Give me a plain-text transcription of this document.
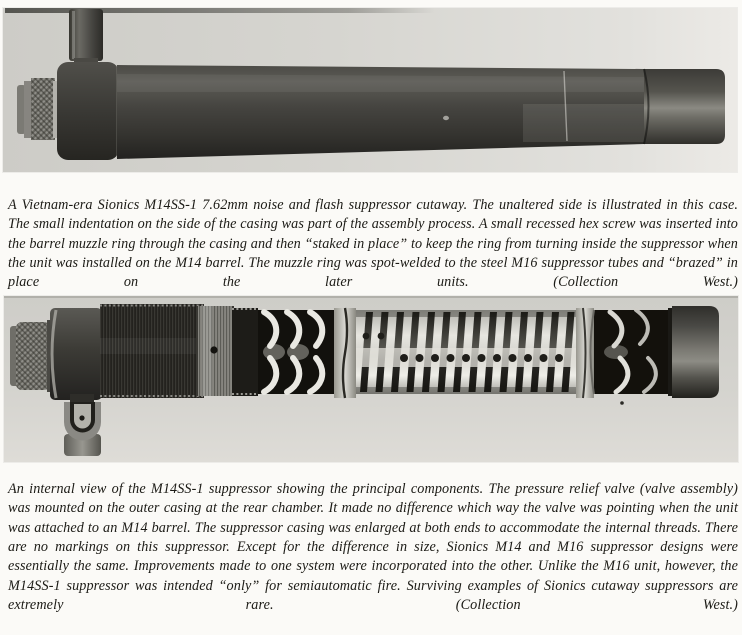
A Vietnam-era Sionics M14SS-1 7.62mm noise and flash suppressor cutaway. The unaltered side is illustrated in this case. The small indentation on the side of the casing was part of the assembly process. A small recessed hex screw was inserted into the barrel muzzle ring through the casing and then “staked in place” to keep the ring from turning inside the suppressor when the unit was installed on the M14 barrel. The muzzle ring was spot-welded to the steel M16 suppressor tubes and “brazed” in place on the later units. (Collection West.)

An internal view of the M14SS-1 suppressor showing the principal components. The pressure relief valve (valve assembly) was mounted on the outer casing at the rear chamber. It made no difference which way the valve was pointing when the unit was attached to an M14 barrel. The suppressor casing was enlarged at both ends to accommodate the internal threads. There are no markings on this suppressor. Except for the difference in size, Sionics M14 and M16 suppressor designs were essentially the same. Improvements made to one system were incorporated into the other. Unlike the M16 unit, however, the M14SS-1 suppressor was intended “only” for semiautomatic fire. Surviving examples of Sionics cutaway suppressors are extremely rare. (Collection West.)
